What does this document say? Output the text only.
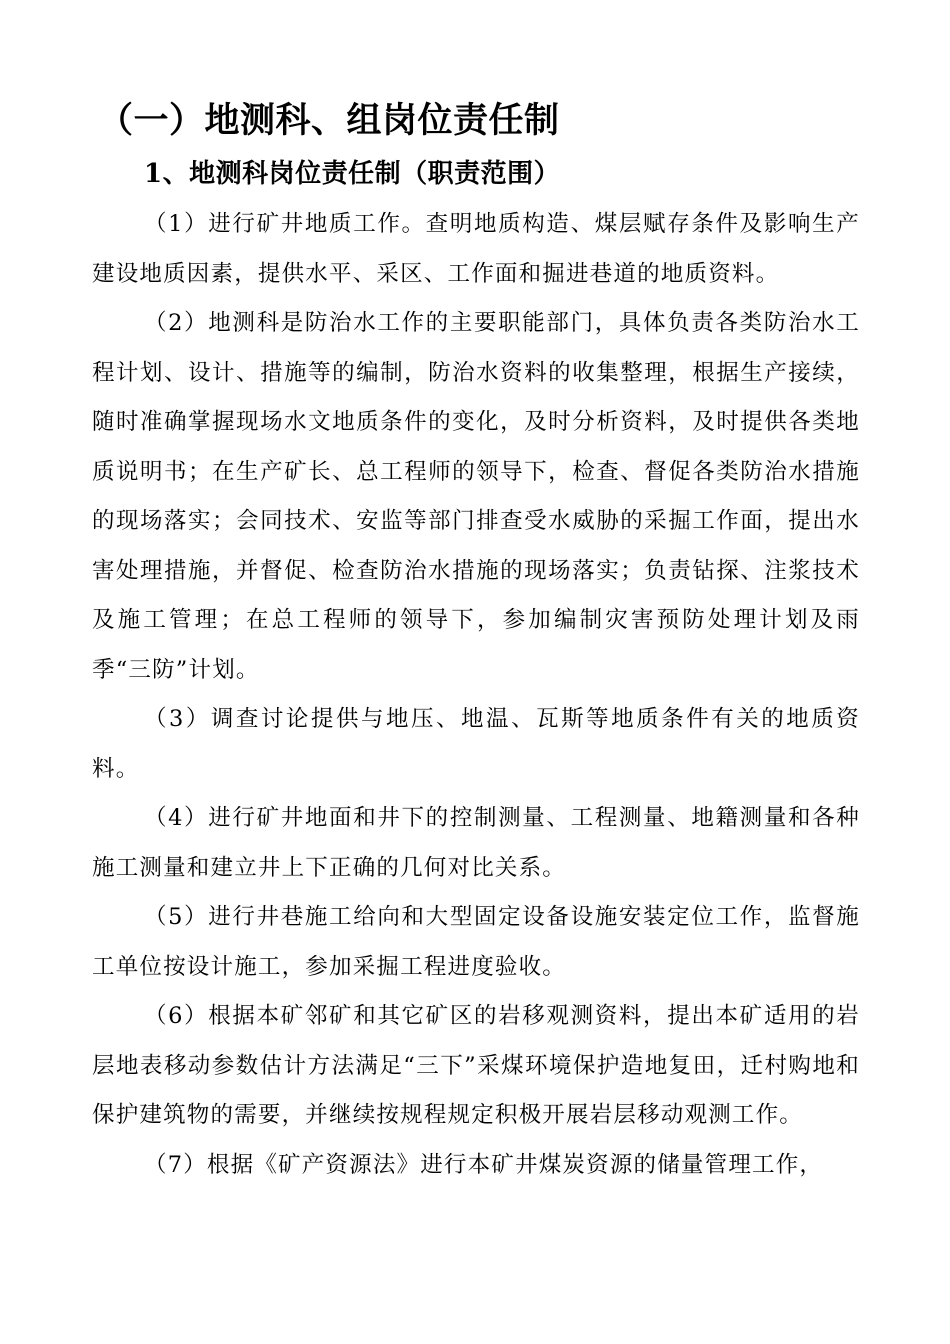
（一）地测科、组岗位责任制
1、地测科岗位责任制（职责范围）

（1）进行矿井地质工作。查明地质构造、煤层赋存条件及影响生产建设地质因素，提供水平、采区、工作面和掘进巷道的地质资料。

（2）地测科是防治水工作的主要职能部门，具体负责各类防治水工程计划、设计、措施等的编制，防治水资料的收集整理，根据生产接续，随时准确掌握现场水文地质条件的变化，及时分析资料，及时提供各类地质说明书；在生产矿长、总工程师的领导下，检查、督促各类防治水措施的现场落实；会同技术、安监等部门排查受水威胁的采掘工作面，提出水害处理措施，并督促、检查防治水措施的现场落实；负责钻探、注浆技术及施工管理；在总工程师的领导下，参加编制灾害预防处理计划及雨季“三防”计划。

（3）调查讨论提供与地压、地温、瓦斯等地质条件有关的地质资料。

（4）进行矿井地面和井下的控制测量、工程测量、地籍测量和各种施工测量和建立井上下正确的几何对比关系。

（5）进行井巷施工给向和大型固定设备设施安装定位工作，监督施工单位按设计施工，参加采掘工程进度验收。

（6）根据本矿邻矿和其它矿区的岩移观测资料，提出本矿适用的岩层地表移动参数估计方法满足“三下”采煤环境保护造地复田，迁村购地和保护建筑物的需要，并继续按规程规定积极开展岩层移动观测工作。

（7）根据《矿产资源法》进行本矿井煤炭资源的储量管理工作，
